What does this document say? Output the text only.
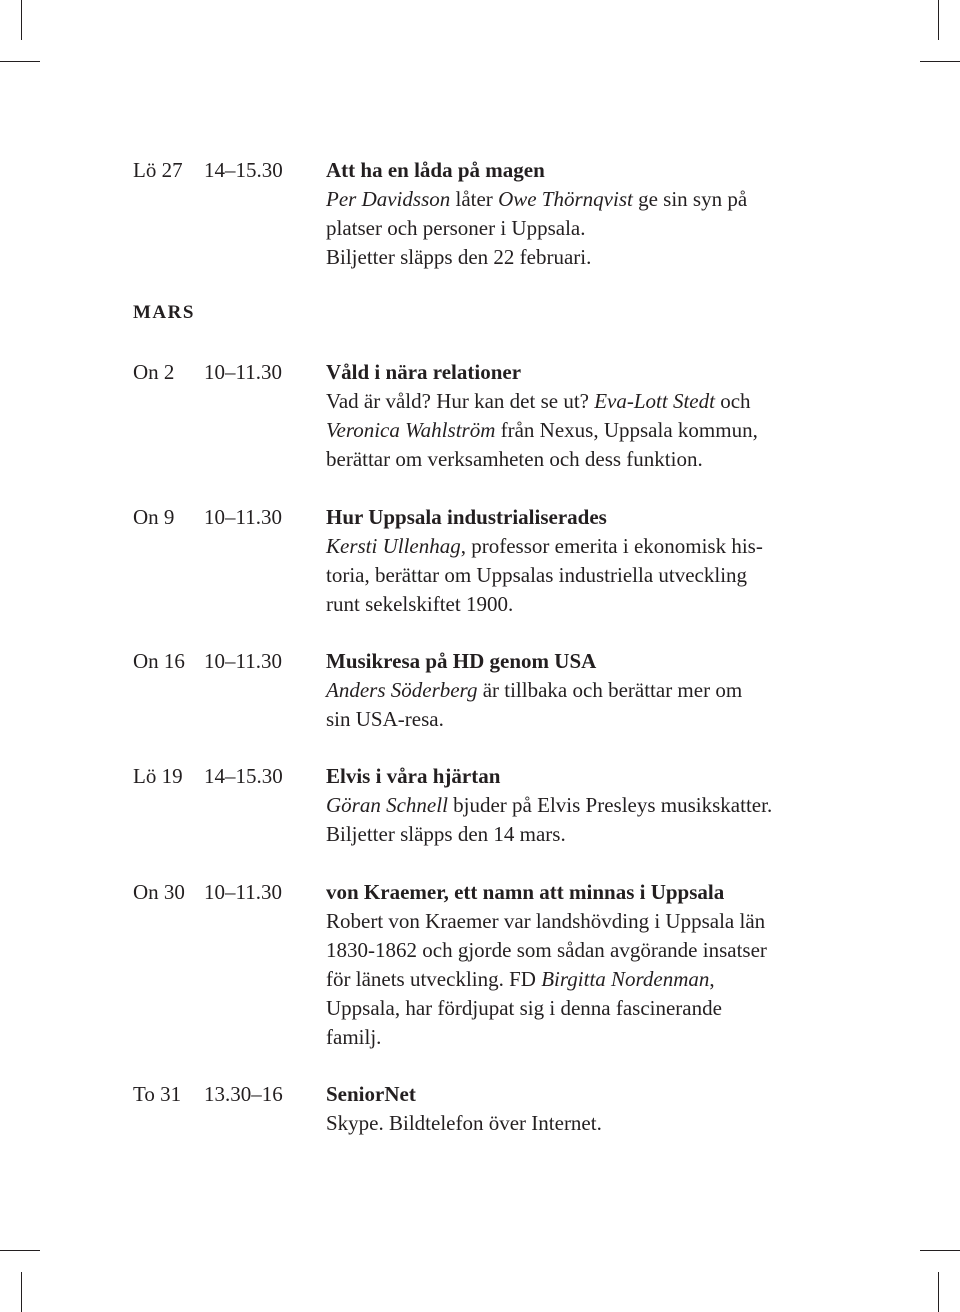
MARS
Lö 27 14–15.30 Att ha en låda på magen
Per Davidsson låter Owe Thörnqvist ge sin syn på
platser och personer i Uppsala.
Biljetter släpps den 22 februari.
On 2 10–11.30 Våld i nära relationer
Vad är våld? Hur kan det se ut? Eva-Lott Stedt och
Veronica Wahlström från Nexus, Uppsala kommun,
berättar om verksamheten och dess funktion.
On 9 10–11.30 Hur Uppsala industrialiserades
Kersti Ullenhag, professor emerita i ekonomisk his-
toria, berättar om Uppsalas industriella utveckling
runt sekelskiftet 1900.
On 16 10–11.30 Musikresa på HD genom USA
Anders Söderberg är tillbaka och berättar mer om
sin USA-resa.
Lö 19 14–15.30 Elvis i våra hjärtan
Göran Schnell bjuder på Elvis Presleys musikskatter.
Biljetter släpps den 14 mars.
On 30 10–11.30 von Kraemer, ett namn att minnas i Uppsala
Robert von Kraemer var landshövding i Uppsala län
1830-1862 och gjorde som sådan avgörande insatser
för länets utveckling. FD Birgitta Nordenman,
Uppsala, har fördjupat sig i denna fascinerande
familj.
To 31 13.30–16 SeniorNet
Skype. Bildtelefon över Internet.
